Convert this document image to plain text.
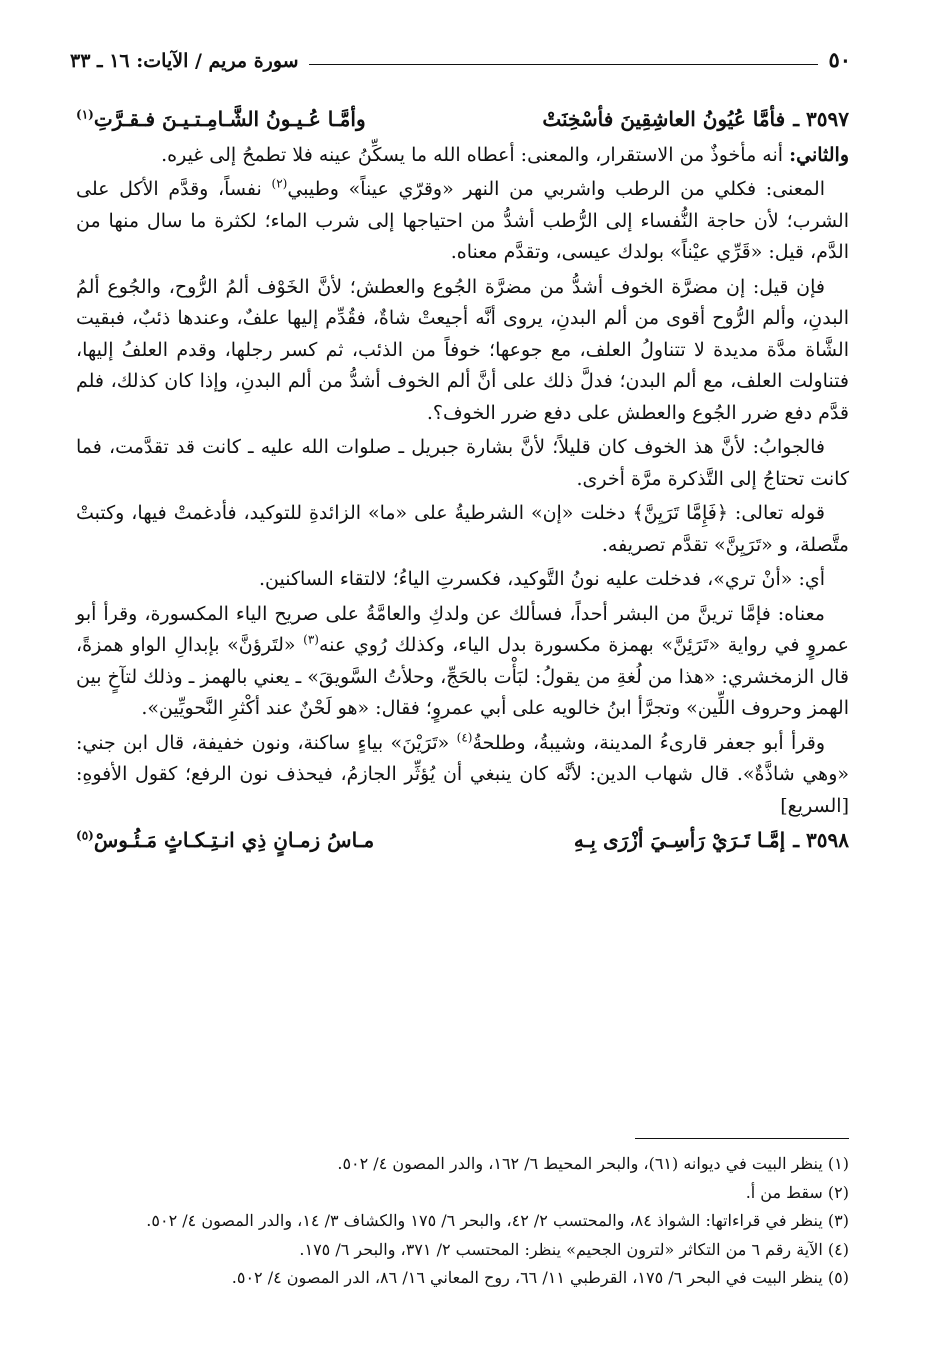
٥٠
سورة مريم / الآيات: ١٦ ـ ٣٣
٣٥٩٧ ـ
فأمَّا عُيُونُ العاشِقِينَ فأسْخِنَتْ
وأمَّـا عُـيـونُ الشَّـامِـتـيـنَ فـقـرَّتِ$^{(١)}$

والثاني: أنه مأخوذٌ من الاستقرار، والمعنى: أعطاه الله ما يسكِّنُ عينه فلا تطمحُ إلى غيره.

المعنى: فكلي من الرطب واشربي من النهر «وقرّي عيناً» وطيبي$^{(٢)}$ نفساً، وقدَّم الأكل على الشرب؛ لأن حاجة النُّفساء إلى الرُّطب أشدُّ من احتياجها إلى شرب الماء؛ لكثرة ما سال منها من الدَّم، قيل: «قَرِّي عيْناً» بولدك عيسى، وتقدَّم معناه.

فإن قيل: إن مضرَّة الخوف أشدُّ من مضرَّة الجُوع والعطش؛ لأنَّ الخَوْف ألمُ الرُّوح، والجُوع ألمُ البدنِ، وألم الرُّوح أقوى من ألم البدنِ، يروى أنَّه أجيعتْ شاةٌ، فقُدِّم إليها علفٌ، وعندها ذئبٌ، فبقيت الشَّاة مدَّة مديدة لا تتناولُ العلف، مع جوعها؛ خوفاً من الذئب، ثم كسر رجلها، وقدم العلفُ إليها، فتناولت العلف، مع ألم البدن؛ فدلَّ ذلك على أنَّ ألم الخوف أشدُّ من ألم البدنِ، وإذا كان كذلك، فلم قدَّم دفع ضرر الجُوع والعطش على دفع ضرر الخوف؟.

فالجوابُ: لأنَّ هذ الخوف كان قليلاً؛ لأنَّ بشارة جبريل ـ صلوات الله عليه ـ كانت قد تقدَّمت، فما كانت تحتاجُ إلى التَّذكرة مرَّة أخرى.

قوله تعالى: ﴿فَإِمَّا تَرَيِنَّ﴾ دخلت «إن» الشرطيةُ على «ما» الزائدةِ للتوكيد، فأدغمتْ فيها، وكتبتْ متَّصلة، و «تَرَيِنَّ» تقدَّم تصريفه.

أي: «أنْ تري»، فدخلت عليه نونُ التَّوكيد، فكسرتِ الياءُ؛ لالتقاء الساكنين.

معناه: فإمَّا ترينَّ من البشر أحداً، فسألك عن ولدكِ والعامَّةُ على صريح الياء المكسورة، وقرأ أبو عمروٍ في رواية «تَرَئِنَّ» بهمزة مكسورة بدل الياء، وكذلك رُوي عنه$^{(٣)}$ «لتَرؤنَّ» بإبدالِ الواو همزةً، قال الزمخشري: «هذا من لُغةِ من يقولُ: لبَأْت بالحَجِّ، وحلأتُ السَّويقَ» ـ يعني بالهمز ـ وذلك لتآخٍ بين الهمز وحروف اللِّين» وتجرَّأ ابنُ خالويه على أبي عمروٍ؛ فقال: «هو لَحْنٌ عند أكْثرِ النَّحويِّين».

وقرأ أبو جعفر قارىءُ المدينة، وشيبةُ، وطلحةُ$^{(٤)}$ «تَرَيْنَ» بياءٍ ساكنة، ونون خفيفة، قال ابن جني: «وهي شاذَّةٌ». قال شهاب الدين: لأنَّه كان ينبغي أن يُؤثِّر الجازمُ، فيحذف نون الرفع؛ كقول الأفوهِ: [السريع]

٣٥٩٨ ـ
إمَّـا تَـرَيْ رَأسِـيَ أزْرَى بِـهِ
مـاسُ زمـانٍ ذِي انـتِـكـاثٍ مَـئُـوسْ$^{(٥)}$
(١) ينظر البيت في ديوانه (٦١)، والبحر المحيط ٦/ ١٦٢، والدر المصون ٤/ ٥٠٢.
(٢) سقط من أ.
(٣) ينظر في قراءاتها: الشواذ ٨٤، والمحتسب ٢/ ٤٢، والبحر ٦/ ١٧٥ والكشاف ٣/ ١٤، والدر المصون ٤/ ٥٠٢.
(٤) الآية رقم ٦ من التكاثر «لترون الجحيم» ينظر: المحتسب ٢/ ٣٧١، والبحر ٦/ ١٧٥.
(٥) ينظر البيت في البحر ٦/ ١٧٥، القرطبي ١١/ ٦٦، روح المعاني ١٦/ ٨٦، الدر المصون ٤/ ٥٠٢.
